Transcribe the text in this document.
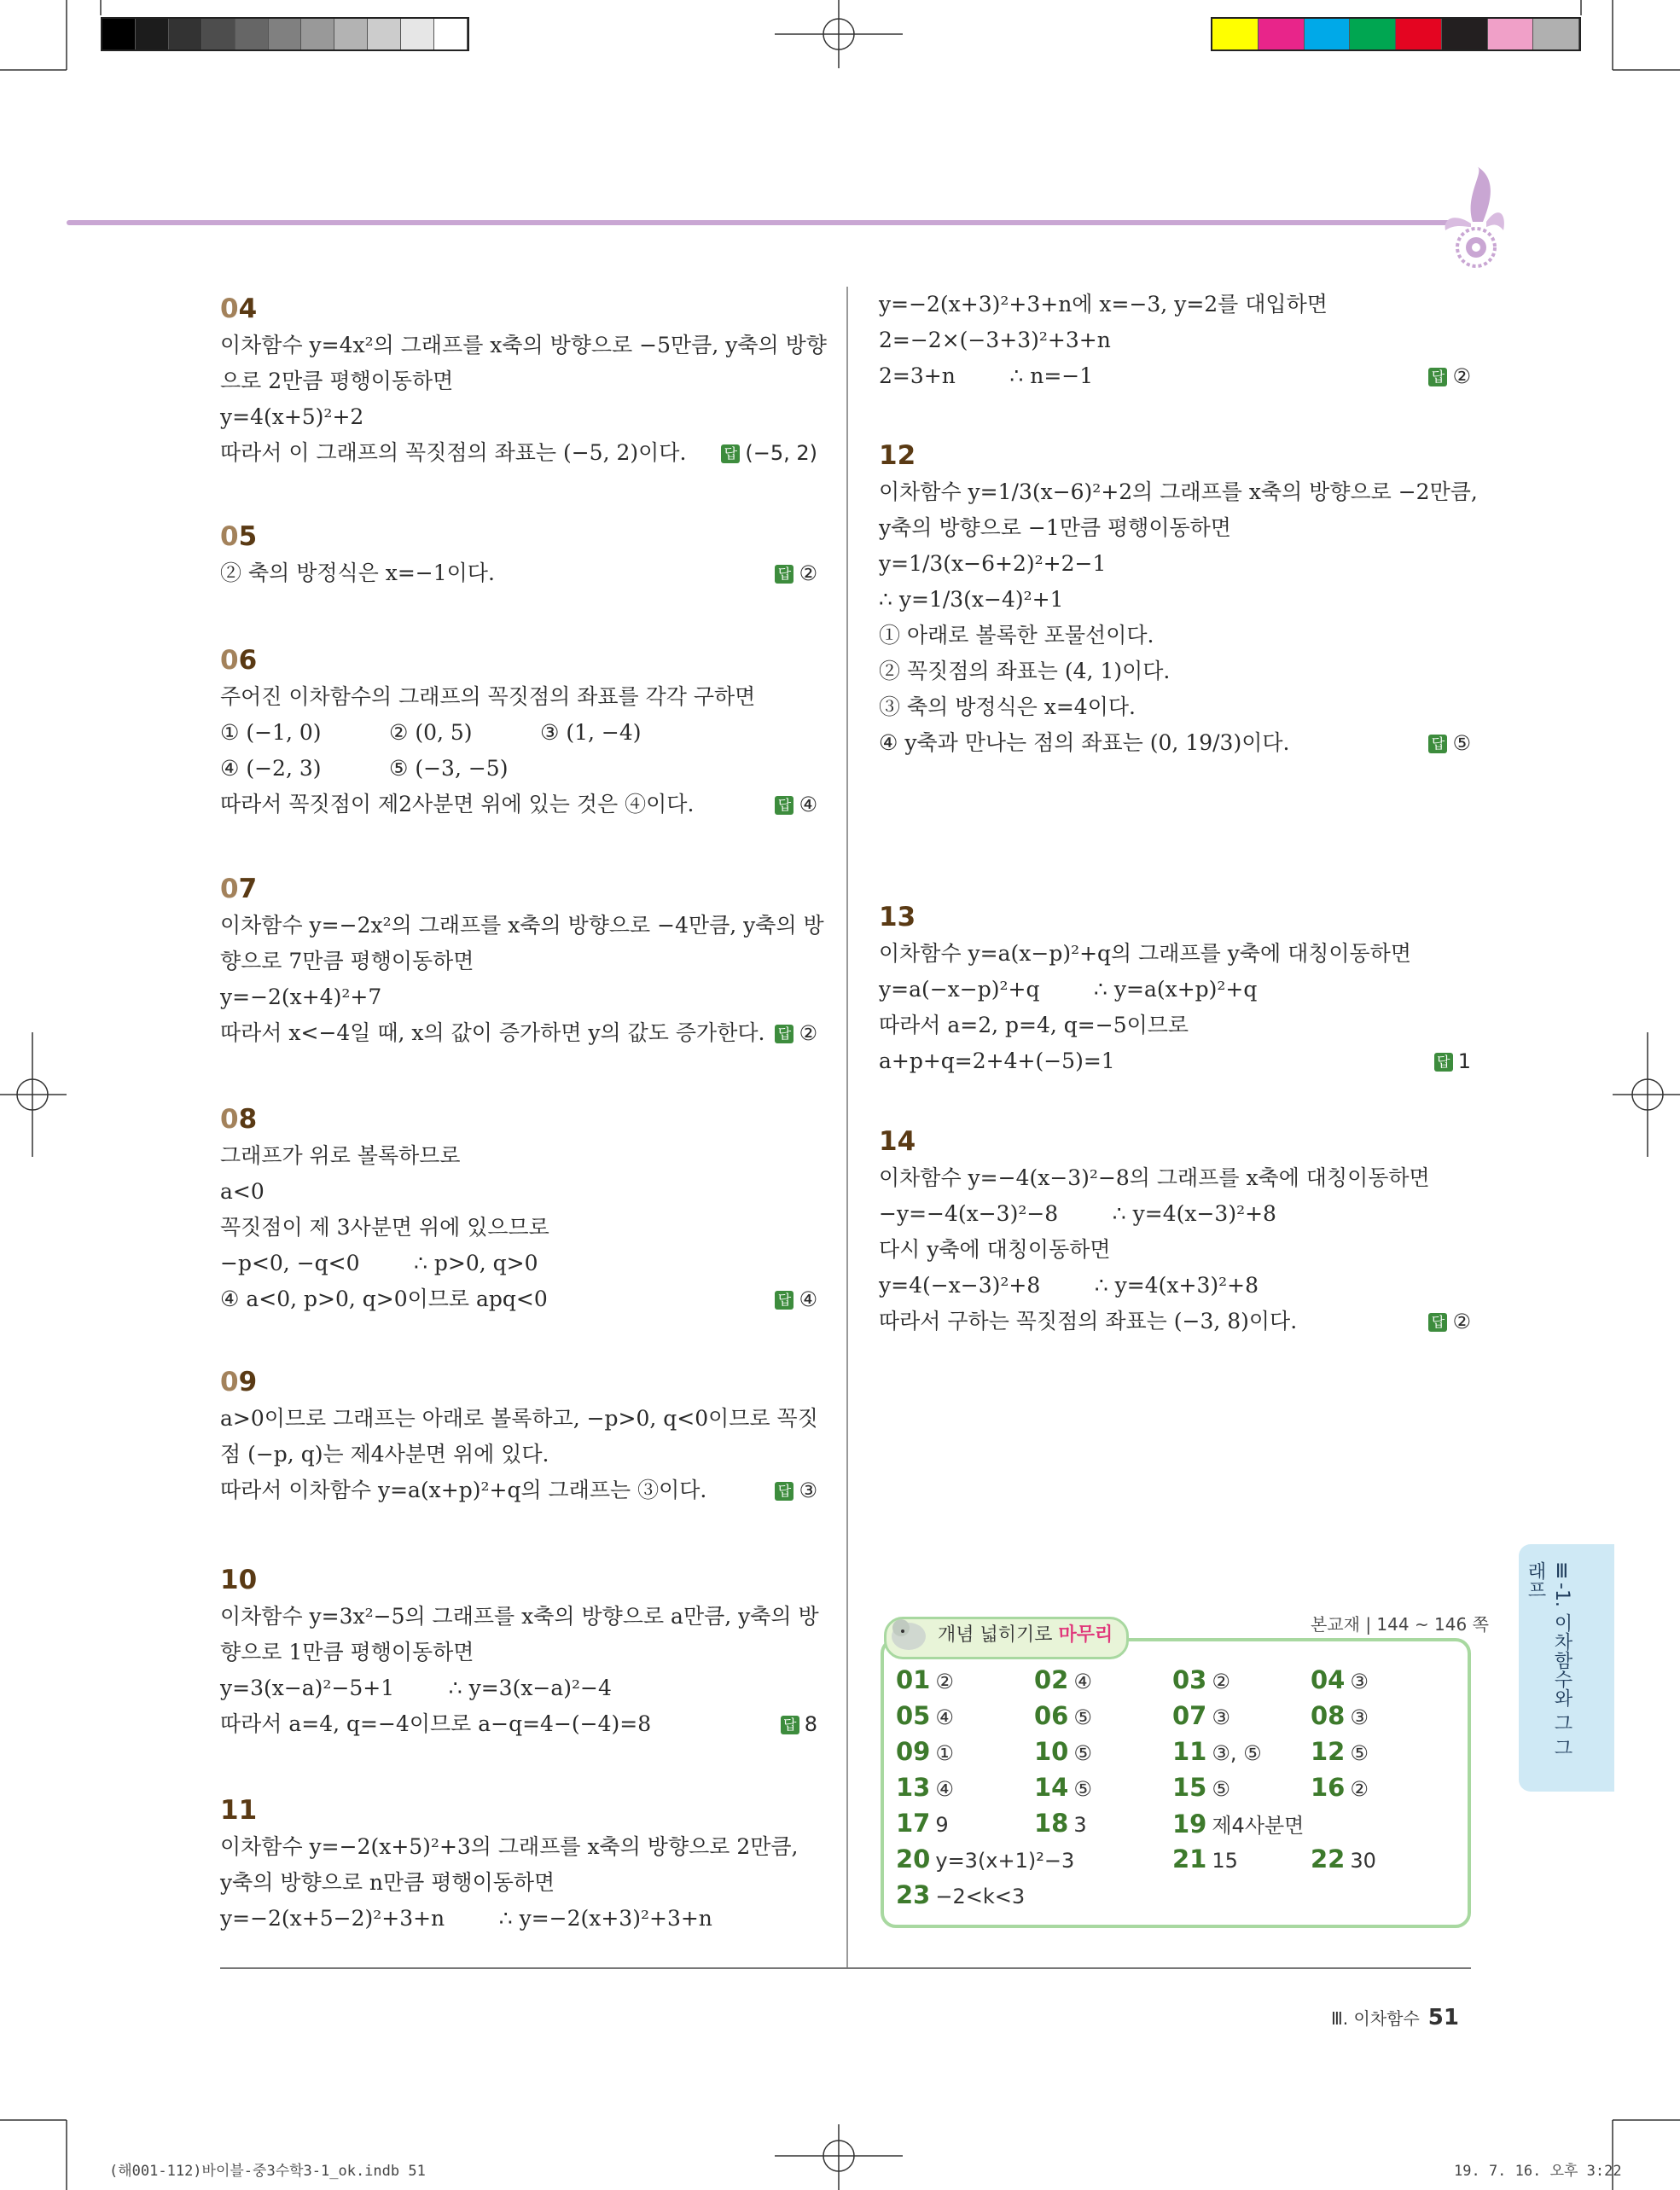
04
이차함수 y=4x²의 그래프를 x축의 방향으로 −5만큼, y축의 방향
으로 2만큼 평행이동하면
y=4(x+5)²+2
따라서 이 그래프의 꼭짓점의 좌표는 (−5, 2)이다.	답 (−5, 2)
05
② 축의 방정식은 x=−1이다.	답 ②
06
주어진 이차함수의 그래프의 꼭짓점의 좌표를 각각 구하면
① (−1, 0)          ② (0, 5)          ③ (1, −4)
④ (−2, 3)          ⑤ (−3, −5)
따라서 꼭짓점이 제2사분면 위에 있는 것은 ④이다.	답 ④
07
이차함수 y=−2x²의 그래프를 x축의 방향으로 −4만큼, y축의 방
향으로 7만큼 평행이동하면
y=−2(x+4)²+7
따라서 x<−4일 때, x의 값이 증가하면 y의 값도 증가한다. 답 ②
08
그래프가 위로 볼록하므로
a<0
꼭짓점이 제 3사분면 위에 있으므로
−p<0, −q<0        ∴ p>0, q>0
④ a<0, p>0, q>0이므로 apq<0	답 ④
09
a>0이므로 그래프는 아래로 볼록하고, −p>0, q<0이므로 꼭짓
점 (−p, q)는 제4사분면 위에 있다.
따라서 이차함수 y=a(x+p)²+q의 그래프는 ③이다.	답 ③
10
이차함수 y=3x²−5의 그래프를 x축의 방향으로 a만큼, y축의 방
향으로 1만큼 평행이동하면
y=3(x−a)²−5+1        ∴ y=3(x−a)²−4
따라서 a=4, q=−4이므로 a−q=4−(−4)=8	답 8
11
이차함수 y=−2(x+5)²+3의 그래프를 x축의 방향으로 2만큼,
y축의 방향으로 n만큼 평행이동하면
y=−2(x+5−2)²+3+n        ∴ y=−2(x+3)²+3+n
y=−2(x+3)²+3+n에 x=−3, y=2를 대입하면
2=−2×(−3+3)²+3+n
2=3+n        ∴ n=−1	답 ②
12
이차함수 y=1/3(x−6)²+2의 그래프를 x축의 방향으로 −2만큼,
y축의 방향으로 −1만큼 평행이동하면
y=1/3(x−6+2)²+2−1
∴ y=1/3(x−4)²+1
① 아래로 볼록한 포물선이다.
② 꼭짓점의 좌표는 (4, 1)이다.
③ 축의 방정식은 x=4이다.
④ y축과 만나는 점의 좌표는 (0, 19/3)이다.	답 ⑤
13
이차함수 y=a(x−p)²+q의 그래프를 y축에 대칭이동하면
y=a(−x−p)²+q        ∴ y=a(x+p)²+q
따라서 a=2, p=4, q=−5이므로
a+p+q=2+4+(−5)=1	답 1
14
이차함수 y=−4(x−3)²−8의 그래프를 x축에 대칭이동하면
−y=−4(x−3)²−8        ∴ y=4(x−3)²+8
다시 y축에 대칭이동하면
y=4(−x−3)²+8        ∴ y=4(x+3)²+8
따라서 구하는 꼭짓점의 좌표는 (−3, 8)이다.	답 ②
Ⅲ-1. 이차함수와 그 그래프
개념 넓히기로 마무리	본교재 | 144 ~ 146 쪽
01 ②	02 ④	03 ②	04 ③
05 ④	06 ⑤	07 ③	08 ③
09 ①	10 ⑤	11 ③, ⑤ 12 ⑤
13 ④	14 ⑤	15 ⑤	16 ②
17 9	18 3	19 제4사분면
20 y=3(x+1)²−3	21 15	22 30
23 −2<k<3
Ⅲ. 이차함수 51
(해001-112)바이블-중3수학3-1_ok.indb 51	19. 7. 16. 오후 3:22
